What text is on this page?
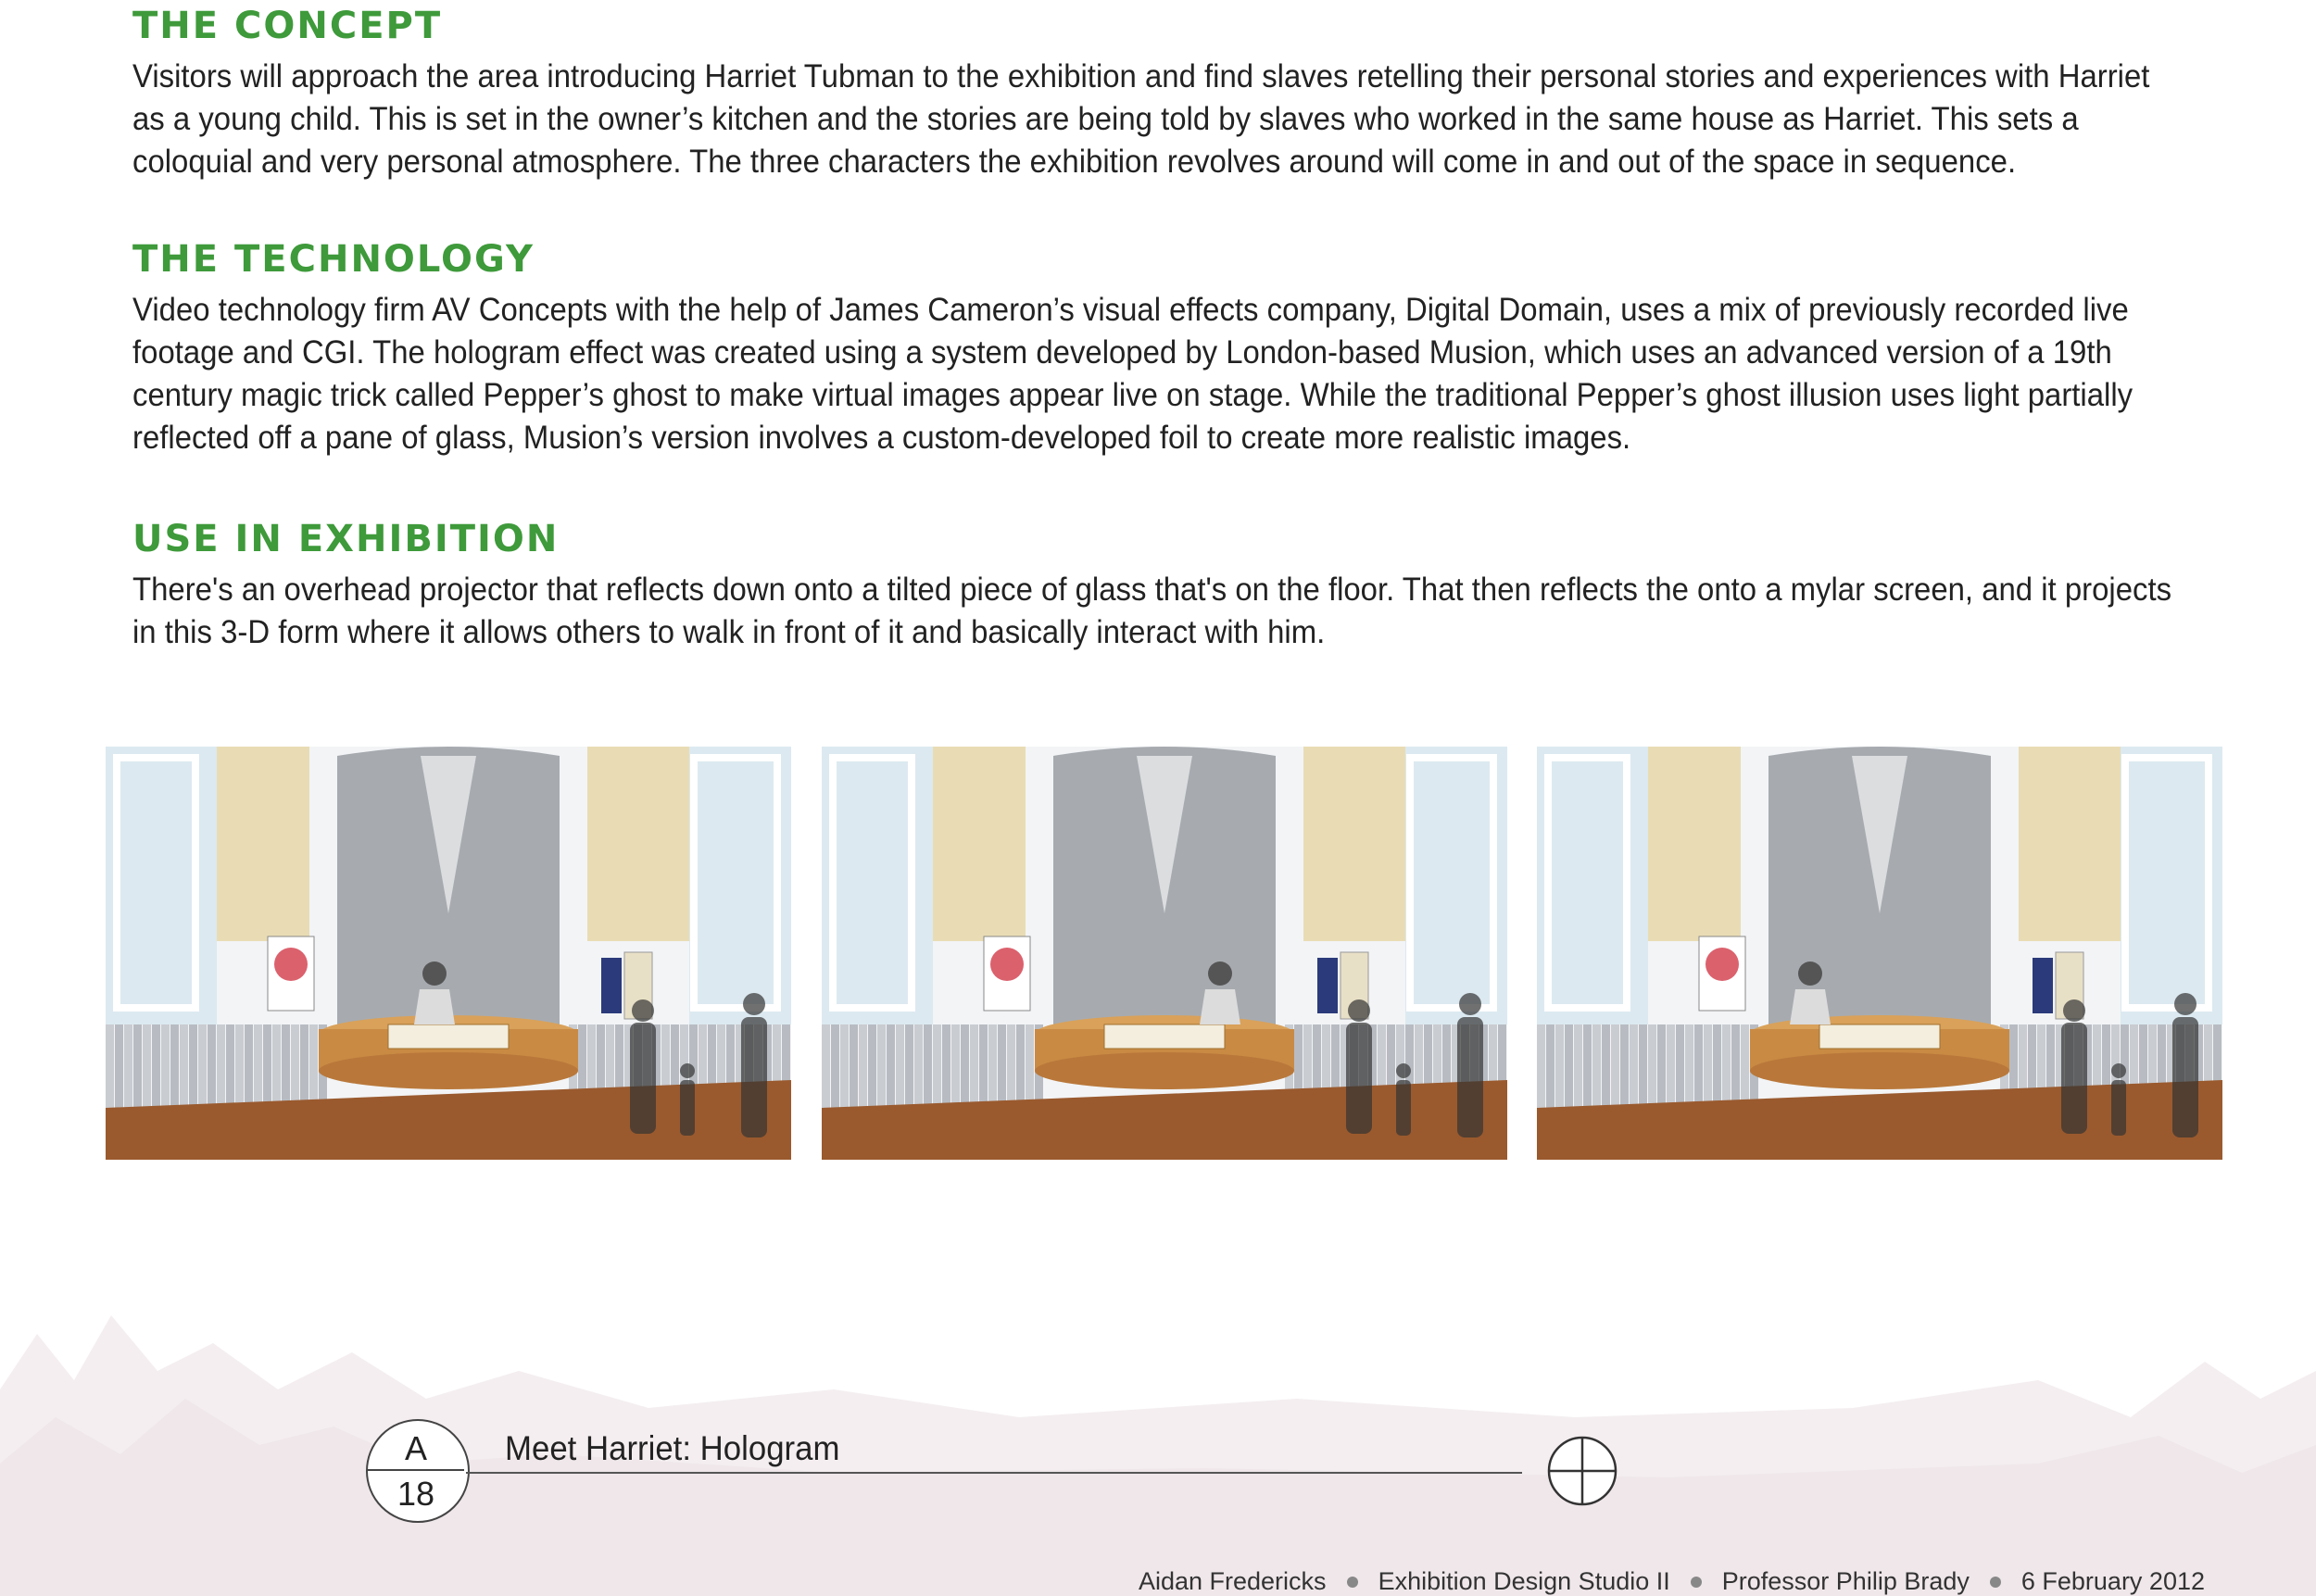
THE CONCEPT

Visitors will approach the area introducing Harriet Tubman to the exhibition and find slaves retelling their personal stories and experiences with Harriet as a young child. This is set in the owner’s kitchen and the stories are being told by slaves who worked in the same house as Harriet. This sets a coloquial and very personal atmosphere. The three characters the exhibition revolves around will come in and out of the space in sequence.

THE TECHNOLOGY

Video technology firm AV Concepts with the help of James Cameron’s visual effects company, Digital Domain, uses a mix of previously recorded live footage and CGI. The hologram effect was created using a system developed by London-based Musion, which uses an advanced version of a 19th century magic trick called Pepper’s ghost to make virtual images appear live on stage. While the traditional Pepper’s ghost illusion uses light partially reflected off a pane of glass, Musion’s version involves a custom-developed foil to create more realistic images.

USE IN EXHIBITION

There's an overhead projector that reflects down onto a tilted piece of glass that's on the floor. That then reflects the onto a mylar screen, and it projects in this 3-D form where it allows others to walk in front of it and basically interact with him.

A
18
Meet Harriet: Hologram
Aidan Fredericks Exhibition Design Studio II Professor Philip Brady 6 February 2012
